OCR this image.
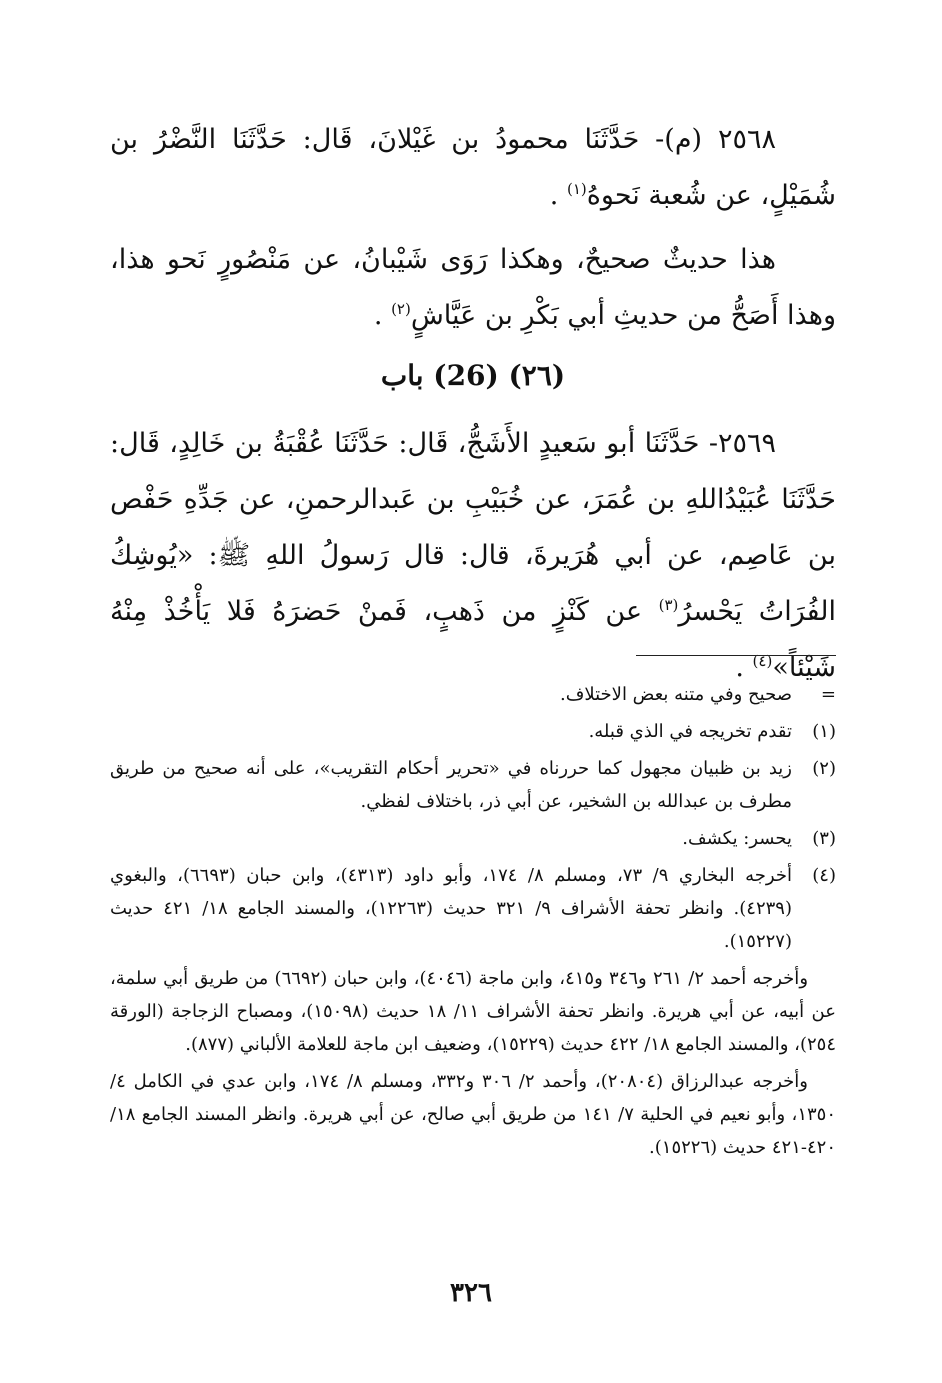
٢٥٦٨ (م)- حَدَّثَنَا محمودُ بن غَيْلانَ، قَال: حَدَّثَنَا النَّضْرُ بن شُمَيْلٍ، عن شُعبة نَحوهُ$^{(١)}$ .

هذا حديثٌ صحيحٌ، وهكذا رَوَى شَيْبانُ، عن مَنْصُورٍ نَحو هذا، وهذا أَصَحُّ من حديثِ أبي بَكْرِ بن عَيَّاشٍ$^{(٢)}$ .

(٢٦) (26) باب

٢٥٦٩- حَدَّثَنَا أبو سَعيدٍ الأَشَجُّ، قَال: حَدَّثَنَا عُقْبَةُ بن خَالِدٍ، قَال: حَدَّثَنَا عُبَيْدُاللهِ بن عُمَرَ، عن خُبَيْبِ بن عَبدالرحمنِ، عن جَدِّهِ حَفْص بن عَاصِم، عن أبي هُرَيرةَ، قال: قال رَسولُ اللهِ ﷺ: «يُوشِكُ الفُرَاتُ يَحْسرُ$^{(٣)}$ عن كَنْزٍ من ذَهبٍ، فَمنْ حَضرَهُ فَلا يَأْخُذْ مِنْهُ شَيْئاً»$^{(٤)}$ .

=
صحيح وفي متنه بعض الاختلاف.
(١)
تقدم تخريجه في الذي قبله.
(٢)
زيد بن ظبيان مجهول كما حررناه في «تحرير أحكام التقريب»، على أنه صحيح من طريق مطرف بن عبدالله بن الشخير، عن أبي ذر، باختلاف لفظي.
(٣)
يحسر: يكشف.
(٤)
أخرجه البخاري ٩/ ٧٣، ومسلم ٨/ ١٧٤، وأبو داود (٤٣١٣)، وابن حبان (٦٦٩٣)، والبغوي (٤٢٣٩). وانظر تحفة الأشراف ٩/ ٣٢١ حديث (١٢٢٦٣)، والمسند الجامع ١٨/ ٤٢١ حديث (١٥٢٢٧).

وأخرجه أحمد ٢/ ٢٦١ و٣٤٦ و٤١٥، وابن ماجة (٤٠٤٦)، وابن حبان (٦٦٩٢) من طريق أبي سلمة، عن أبيه، عن أبي هريرة. وانظر تحفة الأشراف ١١/ ١٨ حديث (١٥٠٩٨)، ومصباح الزجاجة (الورقة ٢٥٤)، والمسند الجامع ١٨/ ٤٢٢ حديث (١٥٢٢٩)، وضعيف ابن ماجة للعلامة الألباني (٨٧٧).

وأخرجه عبدالرزاق (٢٠٨٠٤)، وأحمد ٢/ ٣٠٦ و٣٣٢، ومسلم ٨/ ١٧٤، وابن عدي في الكامل ٤/ ١٣٥٠، وأبو نعيم في الحلية ٧/ ١٤١ من طريق أبي صالح، عن أبي هريرة. وانظر المسند الجامع ١٨/ ٤٢٠-٤٢١ حديث (١٥٢٢٦).

٣٢٦
